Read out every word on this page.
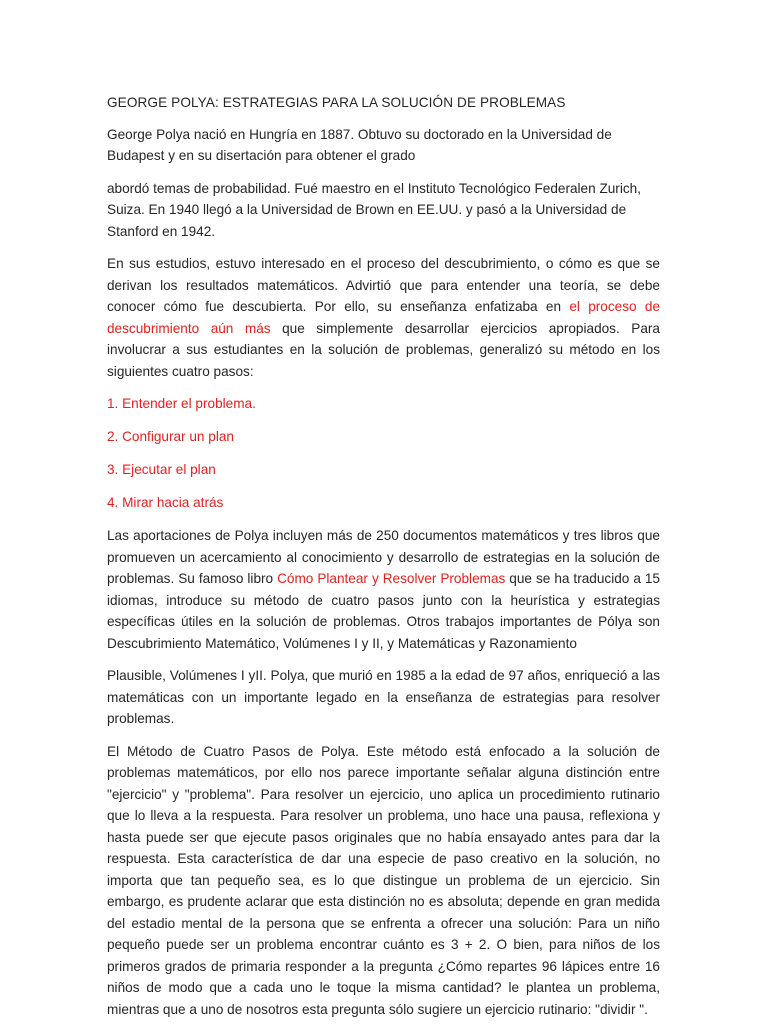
GEORGE POLYA: ESTRATEGIAS PARA LA SOLUCIÓN DE PROBLEMAS

George Polya nació en Hungría en 1887. Obtuvo su doctorado en la Universidad de Budapest y en su disertación para obtener el grado

abordó temas de probabilidad. Fué maestro en el Instituto Tecnológico Federalen Zurich, Suiza. En 1940 llegó a la Universidad de Brown en EE.UU. y pasó a la Universidad de Stanford en 1942.

En sus estudios, estuvo interesado en el proceso del descubrimiento, o cómo es que se derivan los resultados matemáticos. Advirtió que para entender una teoría, se debe conocer cómo fue descubierta. Por ello, su enseñanza enfatizaba en el proceso de descubrimiento aún más que simplemente desarrollar ejercicios apropiados. Para involucrar a sus estudiantes en la solución de problemas, generalizó su método en los siguientes cuatro pasos:

1. Entender el problema.

2. Configurar un plan

3. Ejecutar el plan

4. Mirar hacia atrás

Las aportaciones de Polya incluyen más de 250 documentos matemáticos y tres libros que promueven un acercamiento al conocimiento y desarrollo de estrategias en la solución de problemas. Su famoso libro Cómo Plantear y Resolver Problemas que se ha traducido a 15 idiomas, introduce su método de cuatro pasos junto con la heurística y estrategias específicas útiles en la solución de problemas. Otros trabajos importantes de Pólya son Descubrimiento Matemático, Volúmenes I y II, y Matemáticas y Razonamiento

Plausible, Volúmenes I yII. Polya, que murió en 1985 a la edad de 97 años, enriqueció a las matemáticas con un importante legado en la enseñanza de estrategias para resolver problemas.

El Método de Cuatro Pasos de Polya. Este método está enfocado a la solución de problemas matemáticos, por ello nos parece importante señalar alguna distinción entre "ejercicio" y "problema". Para resolver un ejercicio, uno aplica un procedimiento rutinario que lo lleva a la respuesta. Para resolver un problema, uno hace una pausa, reflexiona y hasta puede ser que ejecute pasos originales que no había ensayado antes para dar la respuesta. Esta característica de dar una especie de paso creativo en la solución, no importa que tan pequeño sea, es lo que distingue un problema de un ejercicio. Sin embargo, es prudente aclarar que esta distinción no es absoluta; depende en gran medida del estadio mental de la persona que se enfrenta a ofrecer una solución: Para un niño pequeño puede ser un problema encontrar cuánto es 3 + 2. O bien, para niños de los primeros grados de primaria responder a la pregunta ¿Cómo repartes 96 lápices entre 16 niños de modo que a cada uno le toque la misma cantidad? le plantea un problema, mientras que a uno de nosotros esta pregunta sólo sugiere un ejercicio rutinario: "dividir ".
